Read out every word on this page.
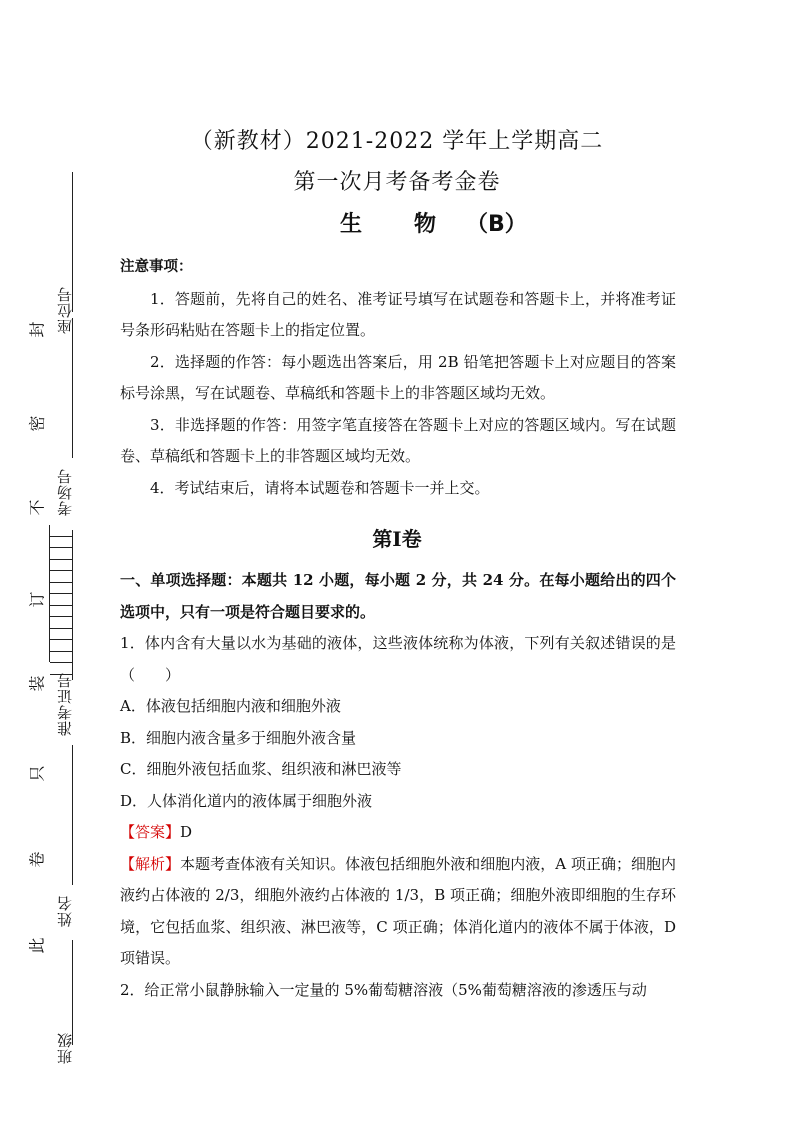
座位号
考场号
准考证号
姓名
班级
封
密
不
订
装
只
卷
此
（新教材）2021-2022 学年上学期高二
第一次月考备考金卷
生 物 （B）
注意事项：
1．答题前，先将自己的姓名、准考证号填写在试题卷和答题卡上，并将准考证号条形码粘贴在答题卡上的指定位置。
2．选择题的作答：每小题选出答案后，用 2B 铅笔把答题卡上对应题目的答案标号涂黑，写在试题卷、草稿纸和答题卡上的非答题区域均无效。
3．非选择题的作答：用签字笔直接答在答题卡上对应的答题区域内。写在试题卷、草稿纸和答题卡上的非答题区域均无效。
4．考试结束后，请将本试题卷和答题卡一并上交。
第Ⅰ卷
一、单项选择题：本题共 12 小题，每小题 2 分，共 24 分。在每小题给出的四个选项中，只有一项是符合题目要求的。
1．体内含有大量以水为基础的液体，这些液体统称为体液，下列有关叙述错误的是（　　）
A．体液包括细胞内液和细胞外液
B．细胞内液含量多于细胞外液含量
C．细胞外液包括血浆、组织液和淋巴液等
D．人体消化道内的液体属于细胞外液
【答案】D
【解析】本题考查体液有关知识。体液包括细胞外液和细胞内液，A 项正确；细胞内液约占体液的 2/3，细胞外液约占体液的 1/3，B 项正确；细胞外液即细胞的生存环境，它包括血浆、组织液、淋巴液等，C 项正确；体消化道内的液体不属于体液，D 项错误。
2．给正常小鼠静脉输入一定量的 5%葡萄糖溶液（5%葡萄糖溶液的渗透压与动
